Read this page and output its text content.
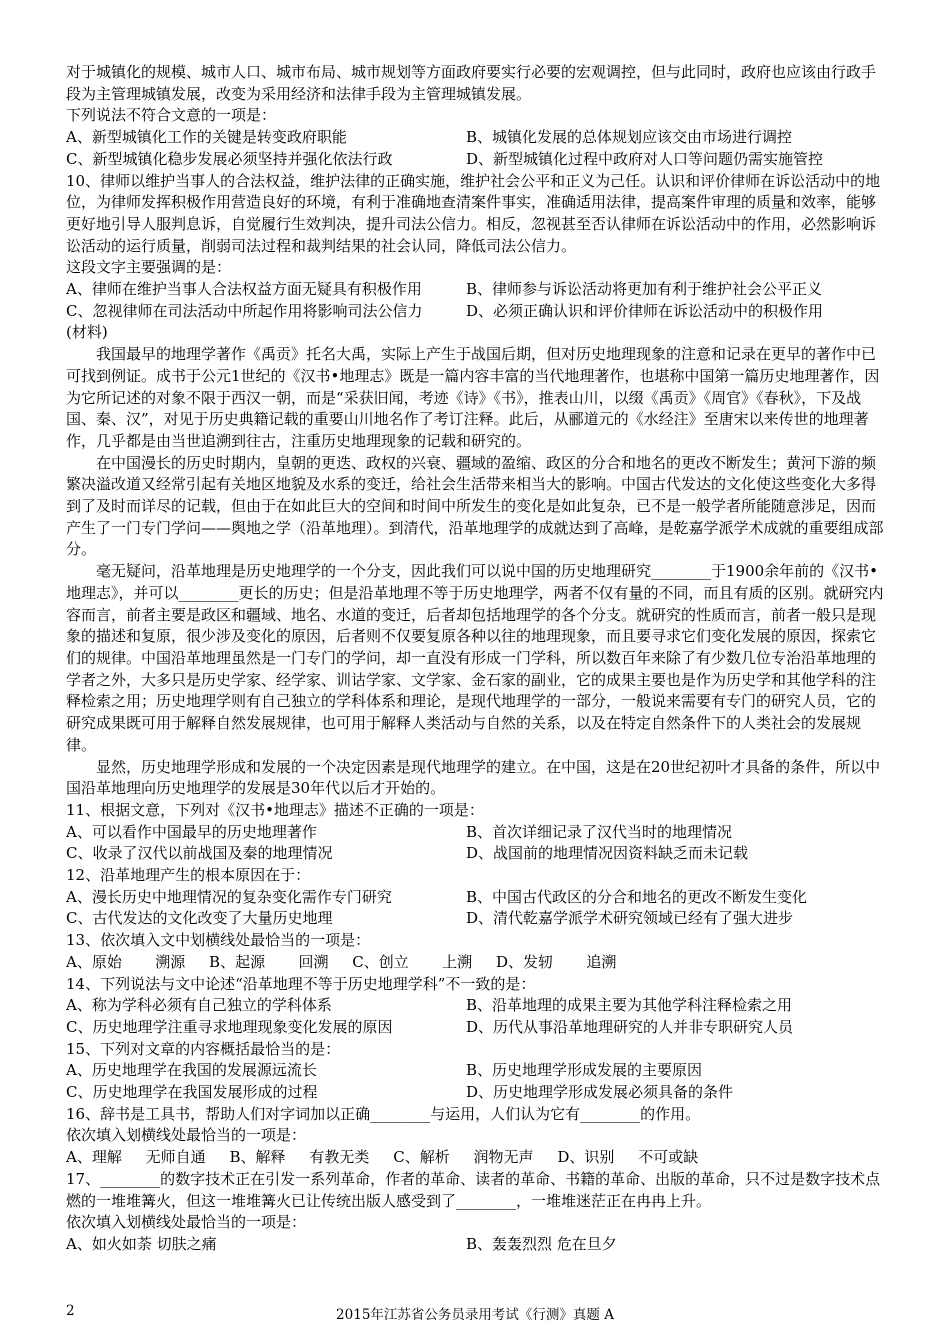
对于城镇化的规模、城市人口、城市布局、城市规划等方面政府要实行必要的宏观调控，但与此同时，政府也应该由行政手段为主管理城镇发展，改变为采用经济和法律手段为主管理城镇发展。
下列说法不符合文意的一项是：
A、新型城镇化工作的关键是转变政府职能	B、城镇化发展的总体规划应该交由市场进行调控
C、新型城镇化稳步发展必须坚持并强化依法行政	D、新型城镇化过程中政府对人口等问题仍需实施管控
10、律师以维护当事人的合法权益，维护法律的正确实施，维护社会公平和正义为己任。认识和评价律师在诉讼活动中的地位，为律师发挥积极作用营造良好的环境，有利于准确地查清案件事实，准确适用法律，提高案件审理的质量和效率，能够更好地引导人服判息诉，自觉履行生效判决，提升司法公信力。相反，忽视甚至否认律师在诉讼活动中的作用，必然影响诉讼活动的运行质量，削弱司法过程和裁判结果的社会认同，降低司法公信力。
这段文字主要强调的是：
A、律师在维护当事人合法权益方面无疑具有积极作用	B、律师参与诉讼活动将更加有利于维护社会公平正义
C、忽视律师在司法活动中所起作用将影响司法公信力	D、必须正确认识和评价律师在诉讼活动中的积极作用
(材料)
我国最早的地理学著作《禹贡》托名大禹，实际上产生于战国后期，但对历史地理现象的注意和记录在更早的著作中已可找到例证。成书于公元1世纪的《汉书•地理志》既是一篇内容丰富的当代地理著作，也堪称中国第一篇历史地理著作，因为它所记述的对象不限于西汉一朝，而是“采获旧闻，考迹《诗》《书》，推表山川，以缀《禹贡》《周官》《春秋》，下及战国、秦、汉”，对见于历史典籍记载的重要山川地名作了考订注释。此后，从郦道元的《水经注》至唐宋以来传世的地理著作，几乎都是由当世追溯到往古，注重历史地理现象的记载和研究的。
在中国漫长的历史时期内，皇朝的更迭、政权的兴衰、疆域的盈缩、政区的分合和地名的更改不断发生；黄河下游的频繁决溢改道又经常引起有关地区地貌及水系的变迁，给社会生活带来相当大的影响。中国古代发达的文化使这些变化大多得到了及时而详尽的记载，但由于在如此巨大的空间和时间中所发生的变化是如此复杂，已不是一般学者所能随意涉足，因而产生了一门专门学问——舆地之学（沿革地理）。到清代，沿革地理学的成就达到了高峰，是乾嘉学派学术成就的重要组成部分。
毫无疑问，沿革地理是历史地理学的一个分支，因此我们可以说中国的历史地理研究________于1900余年前的《汉书•地理志》，并可以________更长的历史；但是沿革地理不等于历史地理学，两者不仅有量的不同，而且有质的区别。就研究内容而言，前者主要是政区和疆域、地名、水道的变迁，后者却包括地理学的各个分支。就研究的性质而言，前者一般只是现象的描述和复原，很少涉及变化的原因，后者则不仅要复原各种以往的地理现象，而且要寻求它们变化发展的原因，探索它们的规律。中国沿革地理虽然是一门专门的学问，却一直没有形成一门学科，所以数百年来除了有少数几位专治沿革地理的学者之外，大多只是历史学家、经学家、训诂学家、文学家、金石家的副业，它的成果主要也是作为历史学和其他学科的注释检索之用；历史地理学则有自己独立的学科体系和理论，是现代地理学的一部分，一般说来需要有专门的研究人员，它的研究成果既可用于解释自然发展规律，也可用于解释人类活动与自然的关系，以及在特定自然条件下的人类社会的发展规律。
显然，历史地理学形成和发展的一个决定因素是现代地理学的建立。在中国，这是在20世纪初叶才具备的条件，所以中国沿革地理向历史地理学的发展是30年代以后才开始的。
11、根据文意，下列对《汉书•地理志》描述不正确的一项是：
A、可以看作中国最早的历史地理著作	B、首次详细记录了汉代当时的地理情况
C、收录了汉代以前战国及秦的地理情况	D、战国前的地理情况因资料缺乏而未记载
12、沿革地理产生的根本原因在于：
A、漫长历史中地理情况的复杂变化需作专门研究	B、中国古代政区的分合和地名的更改不断发生变化
C、古代发达的文化改变了大量历史地理	D、清代乾嘉学派学术研究领域已经有了强大进步
13、依次填入文中划横线处最恰当的一项是：
A、原始       溯源     B、起源       回溯     C、创立       上溯     D、发轫       追溯
14、下列说法与文中论述“沿革地理不等于历史地理学科”不一致的是：
A、称为学科必须有自己独立的学科体系	B、沿革地理的成果主要为其他学科注释检索之用
C、历史地理学注重寻求地理现象变化发展的原因	D、历代从事沿革地理研究的人并非专职研究人员
15、下列对文章的内容概括最恰当的是：
A、历史地理学在我国的发展源远流长	B、历史地理学形成发展的主要原因
C、历史地理学在我国发展形成的过程	D、历史地理学形成发展必须具备的条件
16、辞书是工具书，帮助人们对字词加以正确________与运用，人们认为它有________的作用。
依次填入划横线处最恰当的一项是：
A、理解     无师自通     B、解释     有教无类     C、解析     润物无声     D、识别     不可或缺
17、________的数字技术正在引发一系列革命，作者的革命、读者的革命、书籍的革命、出版的革命，只不过是数字技术点燃的一堆堆篝火，但这一堆堆篝火已让传统出版人感受到了________，一堆堆迷茫正在冉冉上升。
依次填入划横线处最恰当的一项是：
A、如火如荼 切肤之痛	B、轰轰烈烈 危在旦夕
2	2015年江苏省公务员录用考试《行测》真题 A
